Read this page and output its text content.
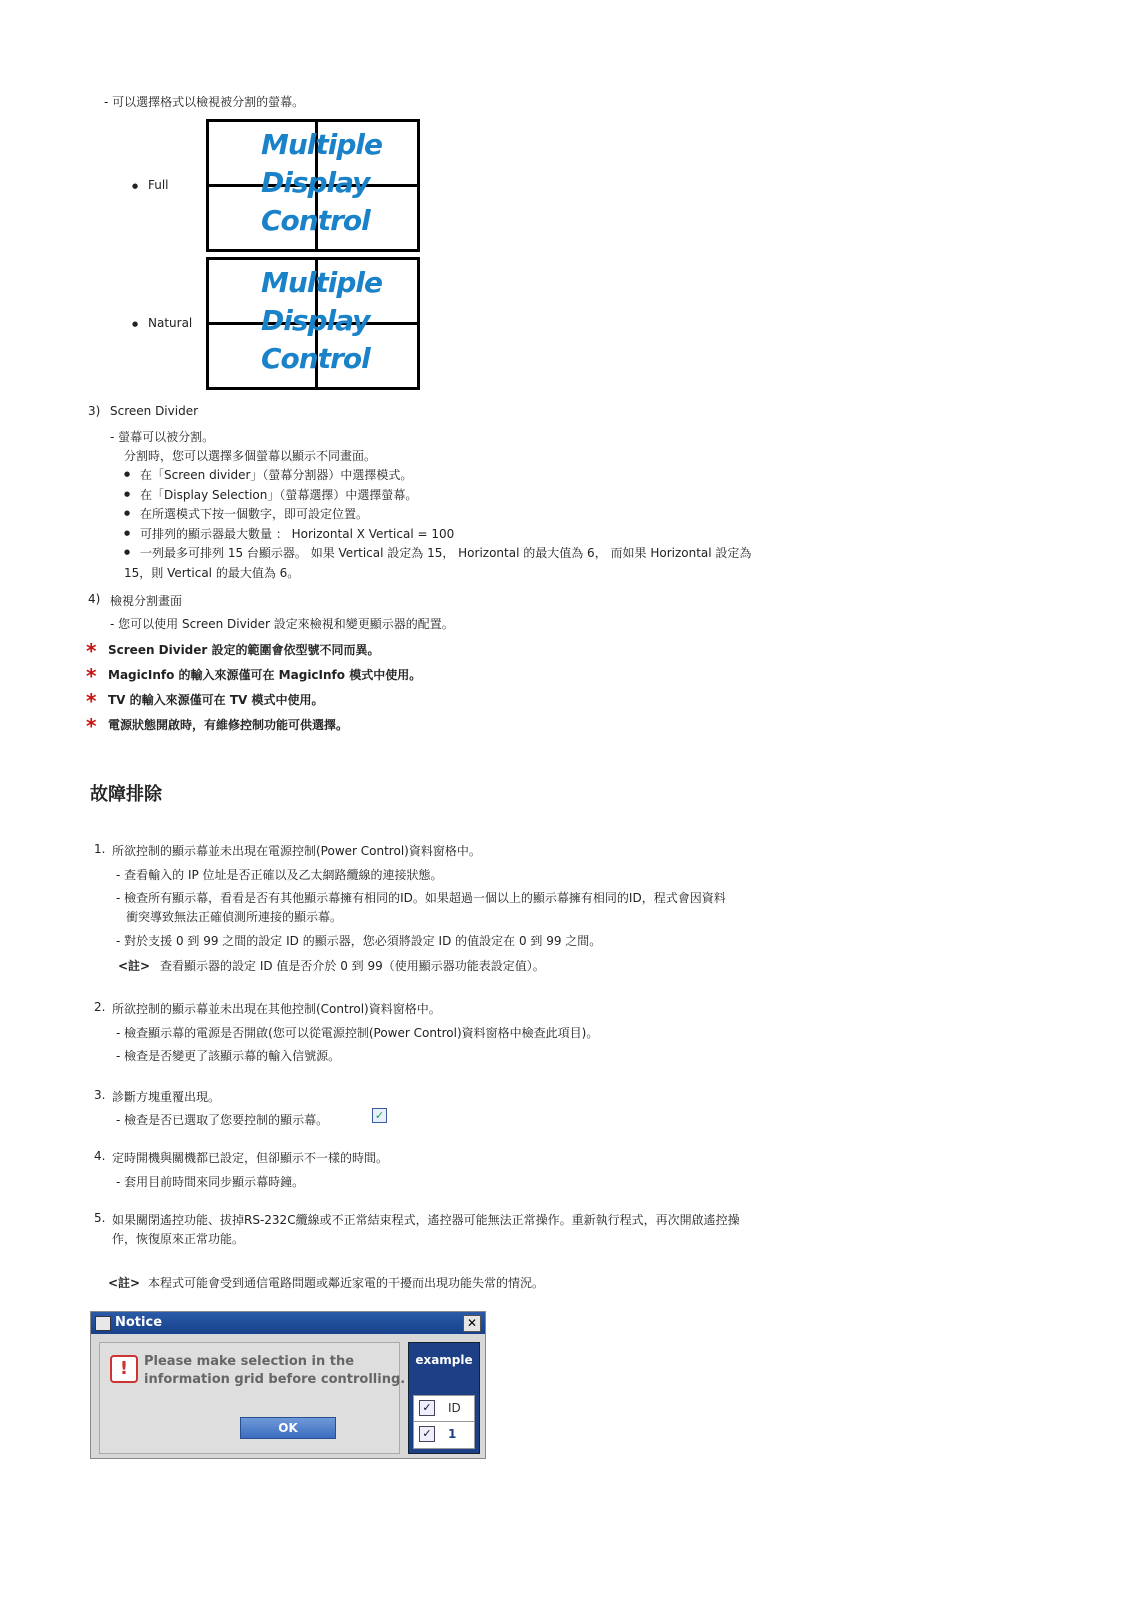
- 可以選擇格式以檢視被分割的螢幕。
Multiple
Display
Control
● Full
Multiple
Display
Control
● Natural
3) Screen Divider
- 螢幕可以被分割。
分割時，您可以選擇多個螢幕以顯示不同畫面。
● 在「Screen divider」（螢幕分割器）中選擇模式。
● 在「Display Selection」（螢幕選擇）中選擇螢幕。
● 在所選模式下按一個數字，即可設定位置。
● 可排列的顯示器最大數量 ： Horizontal X Vertical = 100
● 一列最多可排列 15 台顯示器。 如果 Vertical 設定為 15， Horizontal 的最大值為 6， 而如果 Horizontal 設定為
15，則 Vertical 的最大值為 6。
4) 檢視分割畫面
- 您可以使用 Screen Divider 設定來檢視和變更顯示器的配置。
* Screen Divider 設定的範圍會依型號不同而異。
* MagicInfo 的輸入來源僅可在 MagicInfo 模式中使用。
* TV 的輸入來源僅可在 TV 模式中使用。
* 電源狀態開啟時，有維修控制功能可供選擇。
故障排除
1. 所欲控制的顯示幕並未出現在電源控制(Power Control)資料窗格中。
- 查看輸入的 IP 位址是否正確以及乙太網路纜線的連接狀態。
- 檢查所有顯示幕，看看是否有其他顯示幕擁有相同的ID。如果超過一個以上的顯示幕擁有相同的ID，程式會因資料
衝突導致無法正確偵測所連接的顯示幕。
- 對於支援 0 到 99 之間的設定 ID 的顯示器，您必須將設定 ID 的值設定在 0 到 99 之間。
<註> 查看顯示器的設定 ID 值是否介於 0 到 99（使用顯示器功能表設定值）。
2. 所欲控制的顯示幕並未出現在其他控制(Control)資料窗格中。
- 檢查顯示幕的電源是否開啟(您可以從電源控制(Power Control)資料窗格中檢查此項目)。
- 檢查是否變更了該顯示幕的輸入信號源。
3. 診斷方塊重覆出現。
- 檢查是否已選取了您要控制的顯示幕。	✓
4. 定時開機與關機都已設定，但卻顯示不一樣的時間。
- 套用目前時間來同步顯示幕時鐘。
5. 如果關閉遙控功能、拔掉RS-232C纜線或不正常結束程式，遙控器可能無法正常操作。重新執行程式，再次開啟遙控操
作，恢復原來正常功能。
<註> 本程式可能會受到通信電路問題或鄰近家電的干擾而出現功能失常的情況。
Notice	✕
!	Please make selection in the
information grid before controlling.
OK
example
✓ ID
✓ 1
